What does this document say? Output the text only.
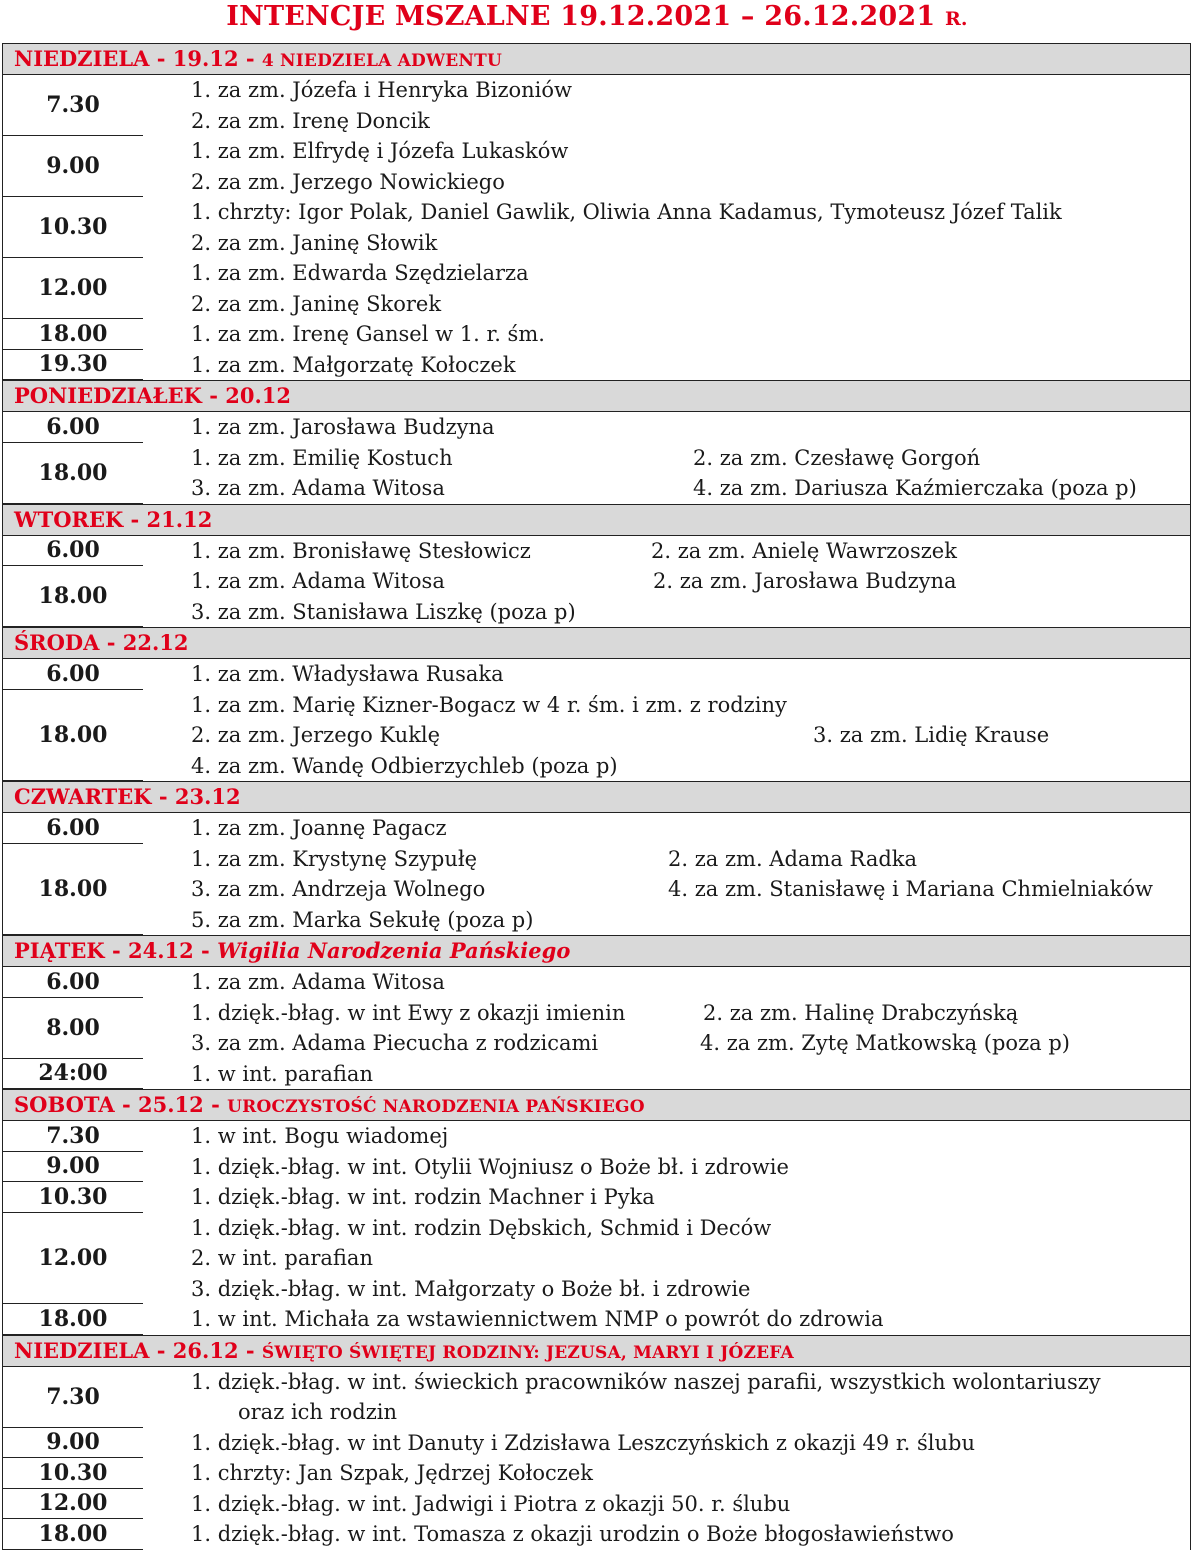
INTENCJE MSZALNE 19.12.2021 – 26.12.2021 R.
NIEDZIELA - 19.12 - 4 NIEDZIELA ADWENTU
7.30
1. za zm. Józefa i Henryka Bizoniów
2. za zm. Irenę Doncik
9.00
1. za zm. Elfrydę i Józefa Lukasków
2. za zm. Jerzego Nowickiego
10.30
1. chrzty: Igor Polak, Daniel Gawlik, Oliwia Anna Kadamus, Tymoteusz Józef Talik
2. za zm. Janinę Słowik
12.00
1. za zm. Edwarda Szędzielarza
2. za zm. Janinę Skorek
18.00	1. za zm. Irenę Gansel w 1. r. śm.
19.30	1. za zm. Małgorzatę Kołoczek
PONIEDZIAŁEK - 20.12
6.00	1. za zm. Jarosława Budzyna
18.00
1. za zm. Emilię Kostuch	2. za zm. Czesławę Gorgoń
3. za zm. Adama Witosa	4. za zm. Dariusza Kaźmierczaka (poza p)
WTOREK - 21.12
6.00	1. za zm. Bronisławę Stesłowicz	2. za zm. Anielę Wawrzoszek
18.00
1. za zm. Adama Witosa	2. za zm. Jarosława Budzyna
3. za zm. Stanisława Liszkę (poza p)
ŚRODA - 22.12
6.00	1. za zm. Władysława Rusaka
18.00
1. za zm. Marię Kizner-Bogacz w 4 r. śm. i zm. z rodziny
2. za zm. Jerzego Kuklę	3. za zm. Lidię Krause
4. za zm. Wandę Odbierzychleb (poza p)
CZWARTEK - 23.12
6.00	1. za zm. Joannę Pagacz
18.00
1. za zm. Krystynę Szypułę	2. za zm. Adama Radka
3. za zm. Andrzeja Wolnego	4. za zm. Stanisławę i Mariana Chmielniaków
5. za zm. Marka Sekułę (poza p)
PIĄTEK - 24.12 - Wigilia Narodzenia Pańskiego
6.00	1. za zm. Adama Witosa
8.00
1. dzięk.-błag. w int Ewy z okazji imienin	2. za zm. Halinę Drabczyńską
3. za zm. Adama Piecucha z rodzicami	4. za zm. Zytę Matkowską (poza p)
24:00	1. w int. parafian
SOBOTA - 25.12 - UROCZYSTOŚĆ NARODZENIA PAŃSKIEGO
7.30	1. w int. Bogu wiadomej
9.00	1. dzięk.-błag. w int. Otylii Wojniusz o Boże bł. i zdrowie
10.30	1. dzięk.-błag. w int. rodzin Machner i Pyka
12.00
1. dzięk.-błag. w int. rodzin Dębskich, Schmid i Deców
2. w int. parafian
3. dzięk.-błag. w int. Małgorzaty o Boże bł. i zdrowie
18.00	1. w int. Michała za wstawiennictwem NMP o powrót do zdrowia
NIEDZIELA - 26.12 - ŚWIĘTO ŚWIĘTEJ RODZINY: JEZUSA, MARYI I JÓZEFA
7.30
1. dzięk.-błag. w int. świeckich pracowników naszej parafii, wszystkich wolontariuszy
oraz ich rodzin
9.00	1. dzięk.-błag. w int Danuty i Zdzisława Leszczyńskich z okazji 49 r. ślubu
10.30	1. chrzty: Jan Szpak, Jędrzej Kołoczek
12.00	1. dzięk.-błag. w int. Jadwigi i Piotra z okazji 50. r. ślubu
18.00	1. dzięk.-błag. w int. Tomasza z okazji urodzin o Boże błogosławieństwo
